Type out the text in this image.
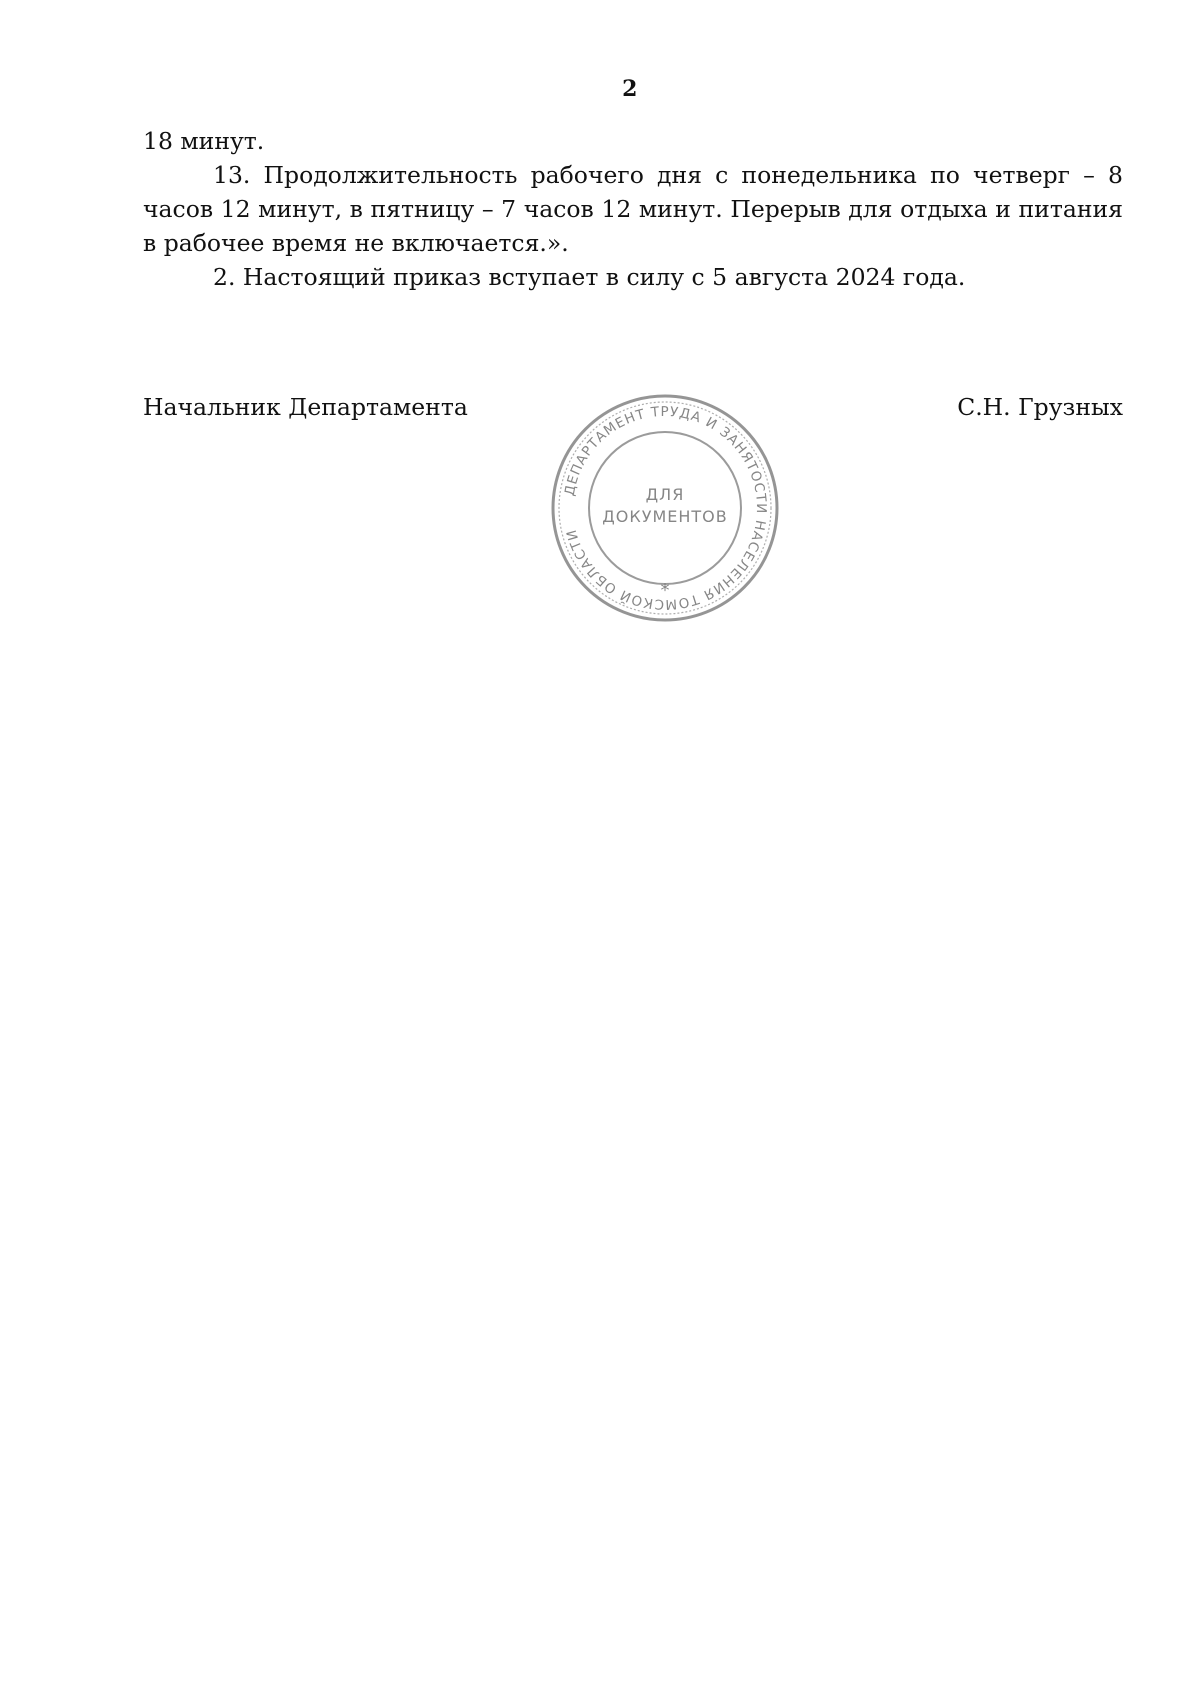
2

18 минут.

13. Продолжительность рабочего дня с понедельника по четверг – 8 часов 12 минут, в пятницу – 7 часов 12 минут. Перерыв для отдыха и питания в рабочее время не включается.».

2. Настоящий приказ вступает в силу с 5 августа 2024 года.

Начальник Департамента	С.Н. Грузных
ДЕПАРТАМЕНТ ТРУДА И ЗАНЯТОСТИ НАСЕЛЕНИЯ ТОМСКОЙ ОБЛАСТИ
ДЛЯ
ДОКУМЕНТОВ
*
